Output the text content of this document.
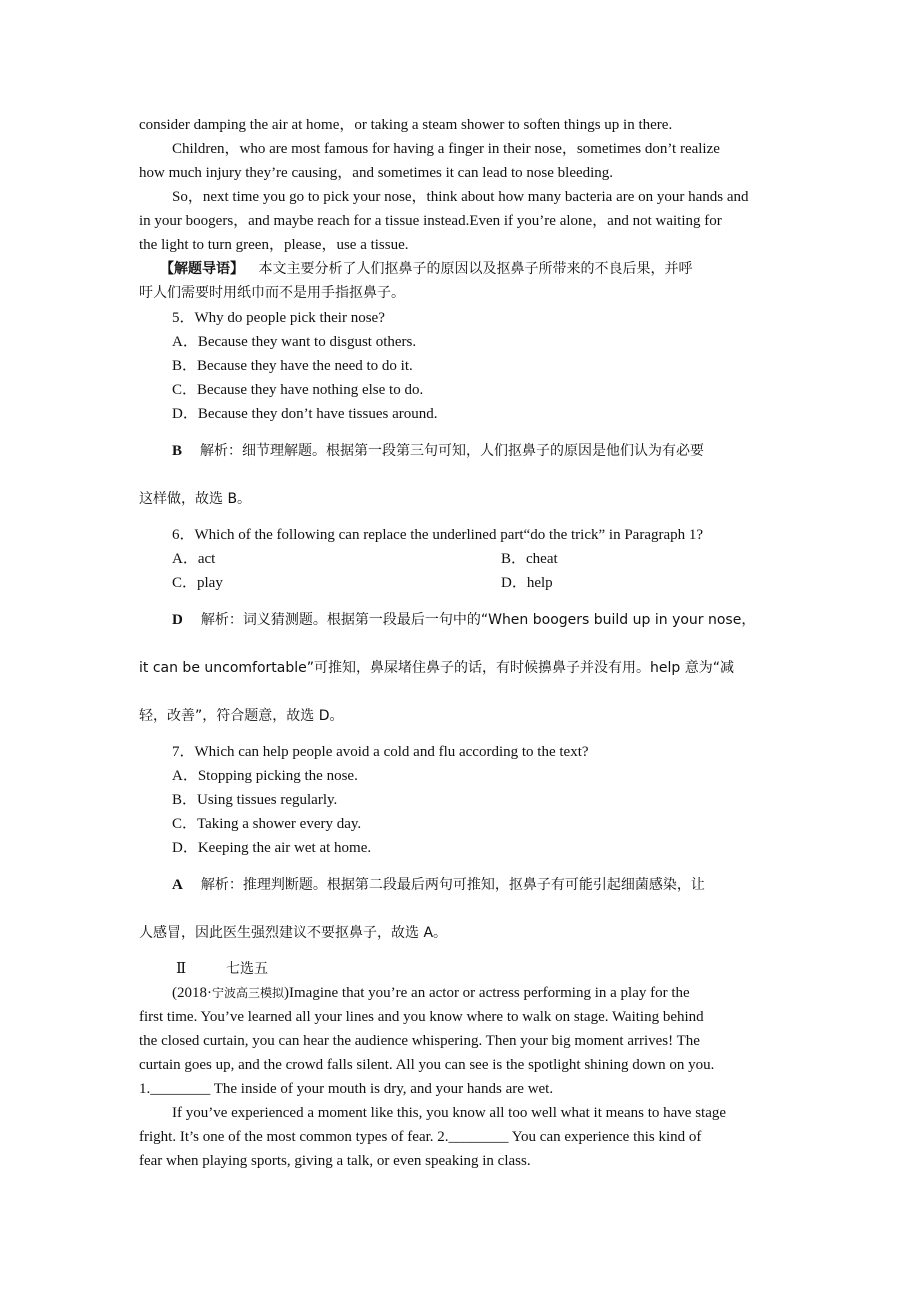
consider damping the air at home，or taking a steam shower to soften things up in there.
Children，who are most famous for having a finger in their nose，sometimes don’t realize
how much injury they’re causing，and sometimes it can lead to nose bleeding.
So，next time you go to pick your nose，think about how many bacteria are on your hands and
in your boogers，and maybe reach for a tissue instead.Even if you’re alone，and not waiting for
the light to turn green，please，use a tissue.
【解题导语】 本文主要分析了人们抠鼻子的原因以及抠鼻子所带来的不良后果，并呼
吁人们需要时用纸巾而不是用手指抠鼻子。
5．Why do people pick their nose?
A．Because they want to disgust others.
B．Because they have the need to do it.
C．Because they have nothing else to do.
D．Because they don’t have tissues around.
B 解析：细节理解题。根据第一段第三句可知，人们抠鼻子的原因是他们认为有必要
这样做，故选 B。
6．Which of the following can replace the underlined part“do the trick” in Paragraph 1?
A．act	B．cheat
C．play	D．help
D 解析：词义猜测题。根据第一段最后一句中的“When boogers build up in your nose，
it can be uncomfortable”可推知，鼻屎堵住鼻子的话，有时候擤鼻子并没有用。help 意为“减
轻，改善”，符合题意，故选 D。
7．Which can help people avoid a cold and flu according to the text?
A．Stopping picking the nose.
B．Using tissues regularly.
C．Taking a shower every day.
D．Keeping the air wet at home.
A 解析：推理判断题。根据第二段最后两句可推知，抠鼻子有可能引起细菌感染，让
人感冒，因此医生强烈建议不要抠鼻子，故选 A。
Ⅱ	七选五
(2018·宁波高三模拟)Imagine that you’re an actor or actress performing in a play for the
first time. You’ve learned all your lines and you know where to walk on stage. Waiting behind
the closed curtain, you can hear the audience whispering. Then your big moment arrives! The
curtain goes up, and the crowd falls silent. All you can see is the spotlight shining down on you.
1.________ The inside of your mouth is dry, and your hands are wet.
If you’ve experienced a moment like this, you know all too well what it means to have stage
fright. It’s one of the most common types of fear. 2.________ You can experience this kind of
fear when playing sports, giving a talk, or even speaking in class.
